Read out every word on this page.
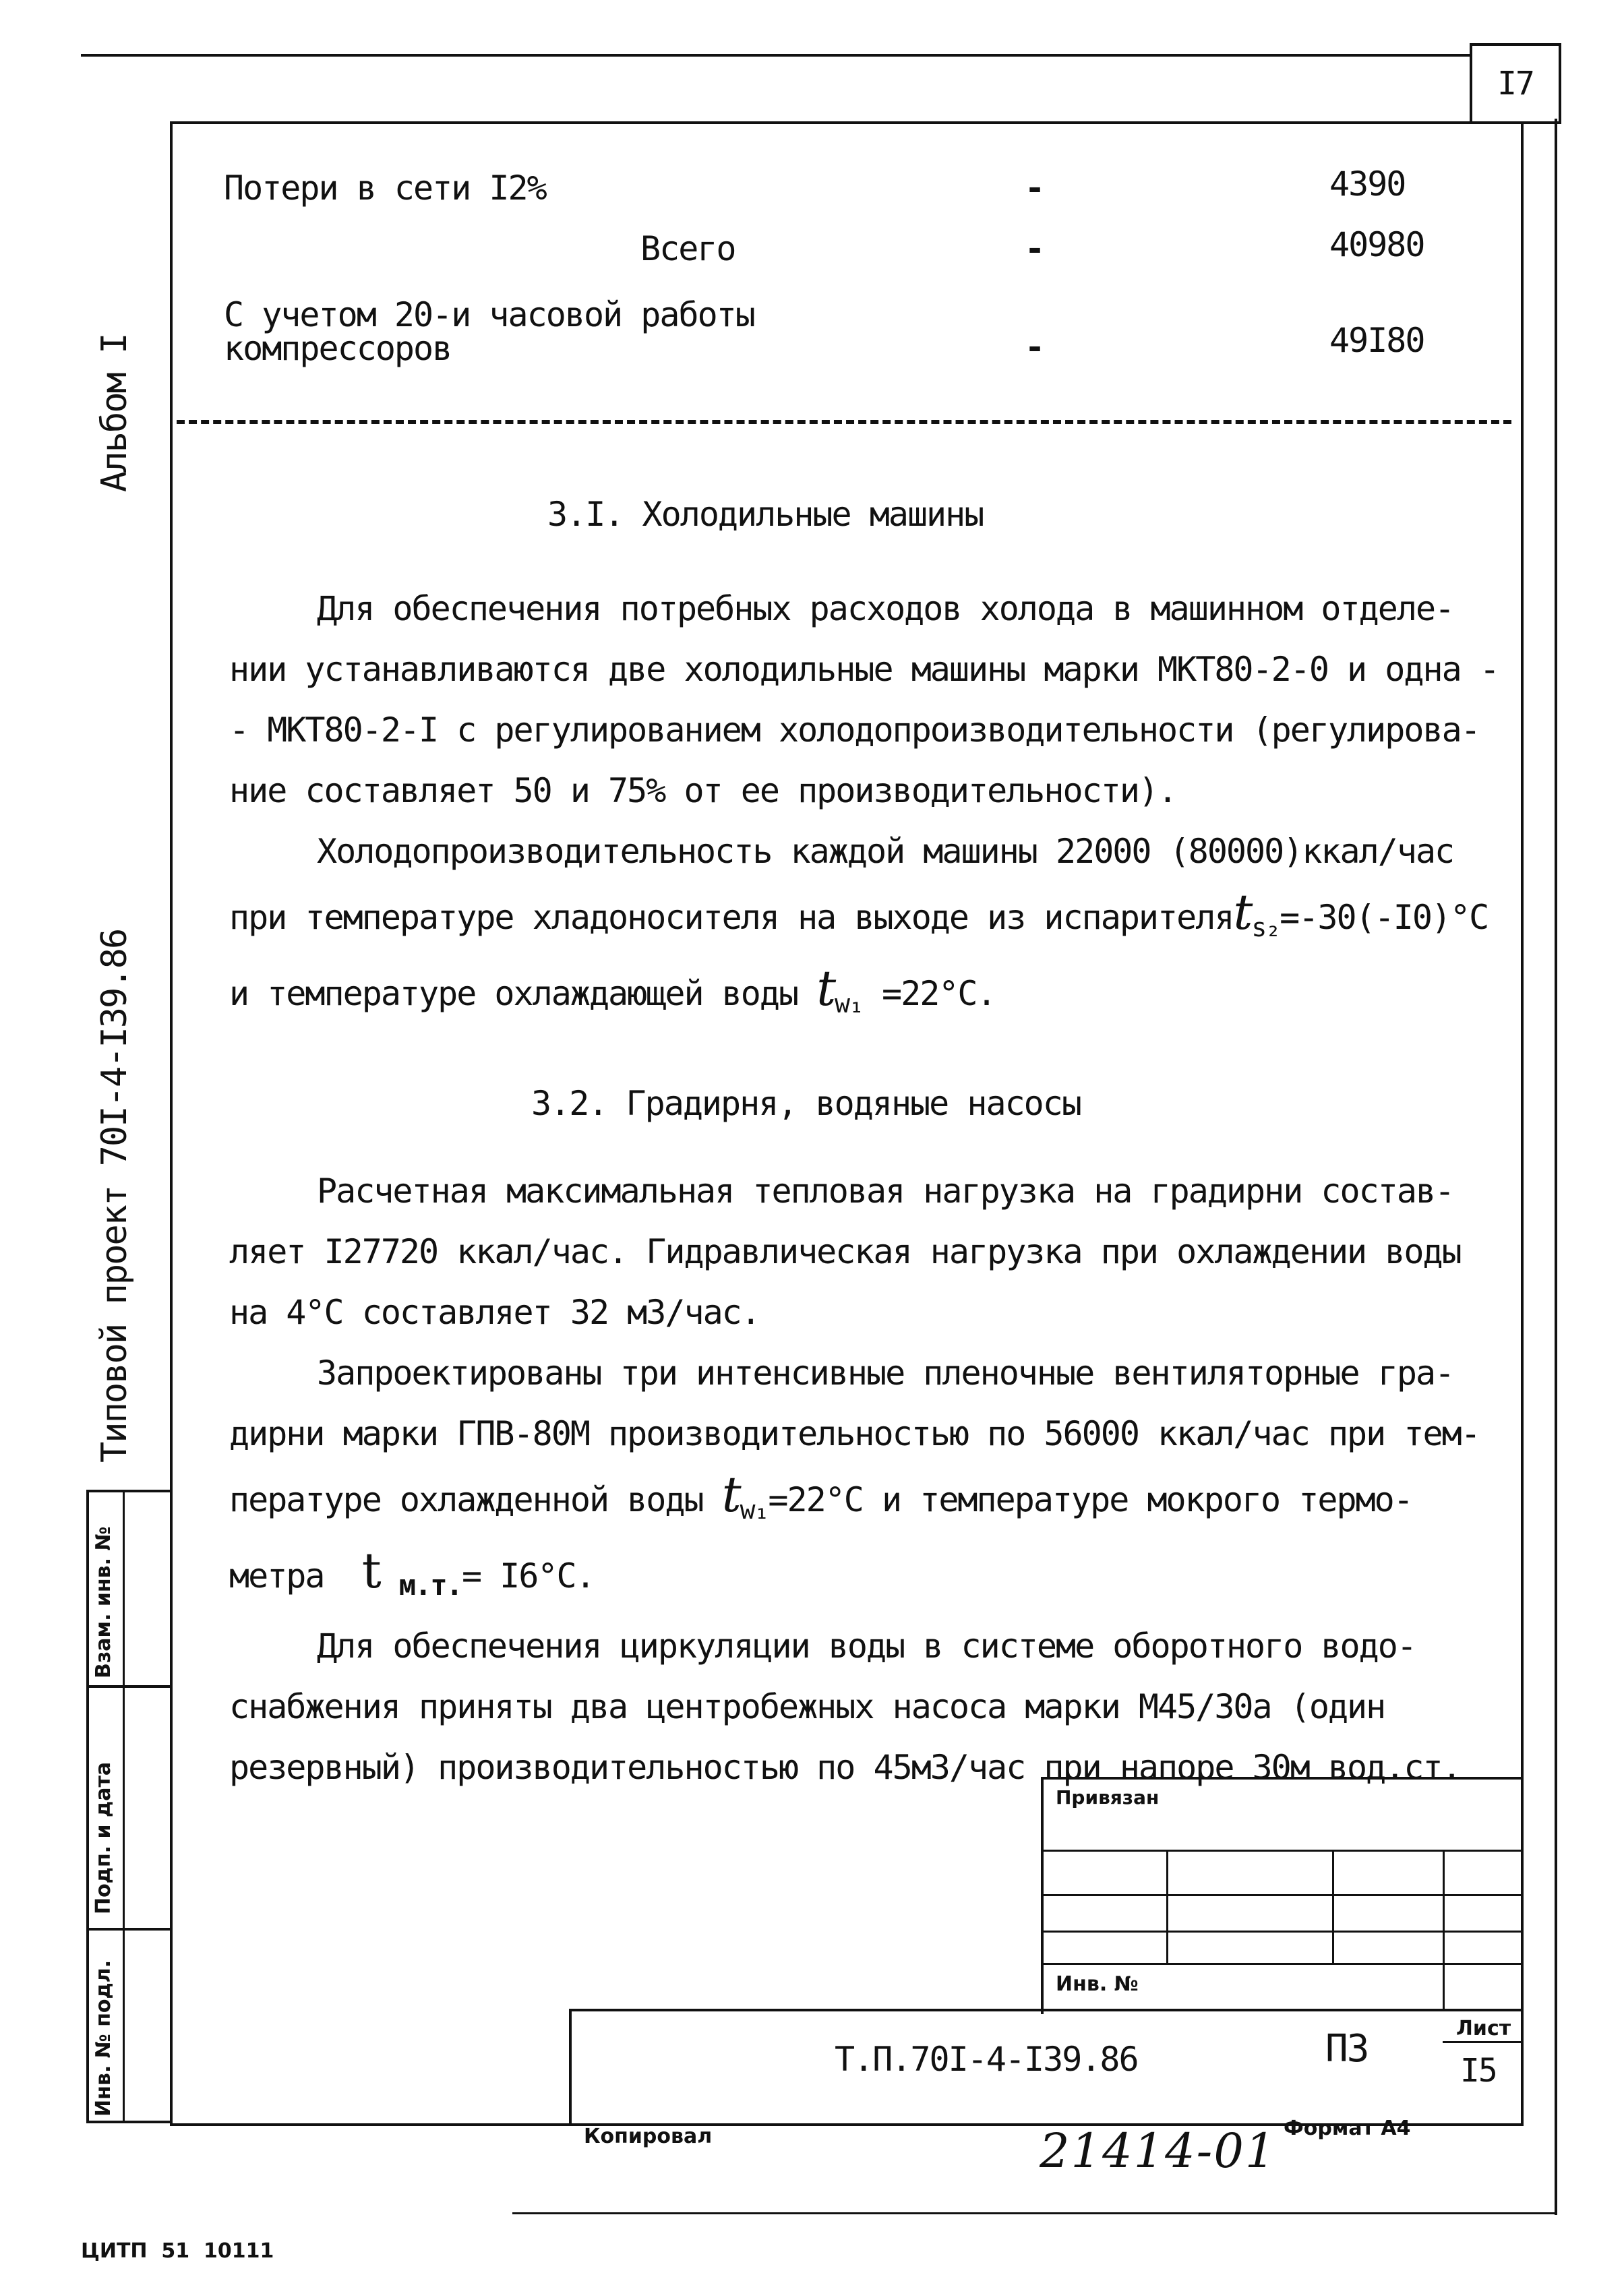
I7
Взам. инв. №
Подп. и дата
Инв. № подл.
Альбом I
Типовой проект 70I-4-I39.86
Потери в сети I2%	-	4390
Всего	-	40980
С учетом 20-и часовой работы
компрессоров	-	49I80
3.I. Холодильные машины
Для обеспечения потребных расходов холода в машинном отделе-
нии устанавливаются две холодильные машины марки МКТ80-2-0 и одна -
- МКТ80-2-I с регулированием холодопроизводительности (регулирова-
ние составляет 50 и 75% от ее производительности).
Холодопроизводительность каждой машины 22000 (80000)ккал/час
при температуре хладоносителя на выходе из испарителяt$_{s_2}$=-30(-I0)°C
и температуре охлаждающей воды $t_{w_1} =22^\circ C$.
3.2. Градирня, водяные насосы
Расчетная максимальная тепловая нагрузка на градирни состав-
ляет I27720 ккал/час. Гидравлическая нагрузка при охлаждении воды
на 4°C составляет 32 м3/час.
Запроектированы три интенсивные пленочные вентиляторные гра-
дирни марки ГПВ-80М производительностью по 56000 ккал/час при тем-
пературе охлажденной воды $t_{w_1}=22^\circ C$ и температуре мокрого термо-
метра t $_{м.т.}$= I6°C.
Для обеспечения циркуляции воды в системе оборотного водо-
снабжения приняты два центробежных насоса марки М45/30а (один
резервный) производительностью по 45м3/час при напоре 30м вод.ст.
Привязан
Инв. №
Т.П.70I-4-I39.86	ПЗ	Лист
I5
Копировал	21414-01 Формат А4
ЦИТП  51  10111
